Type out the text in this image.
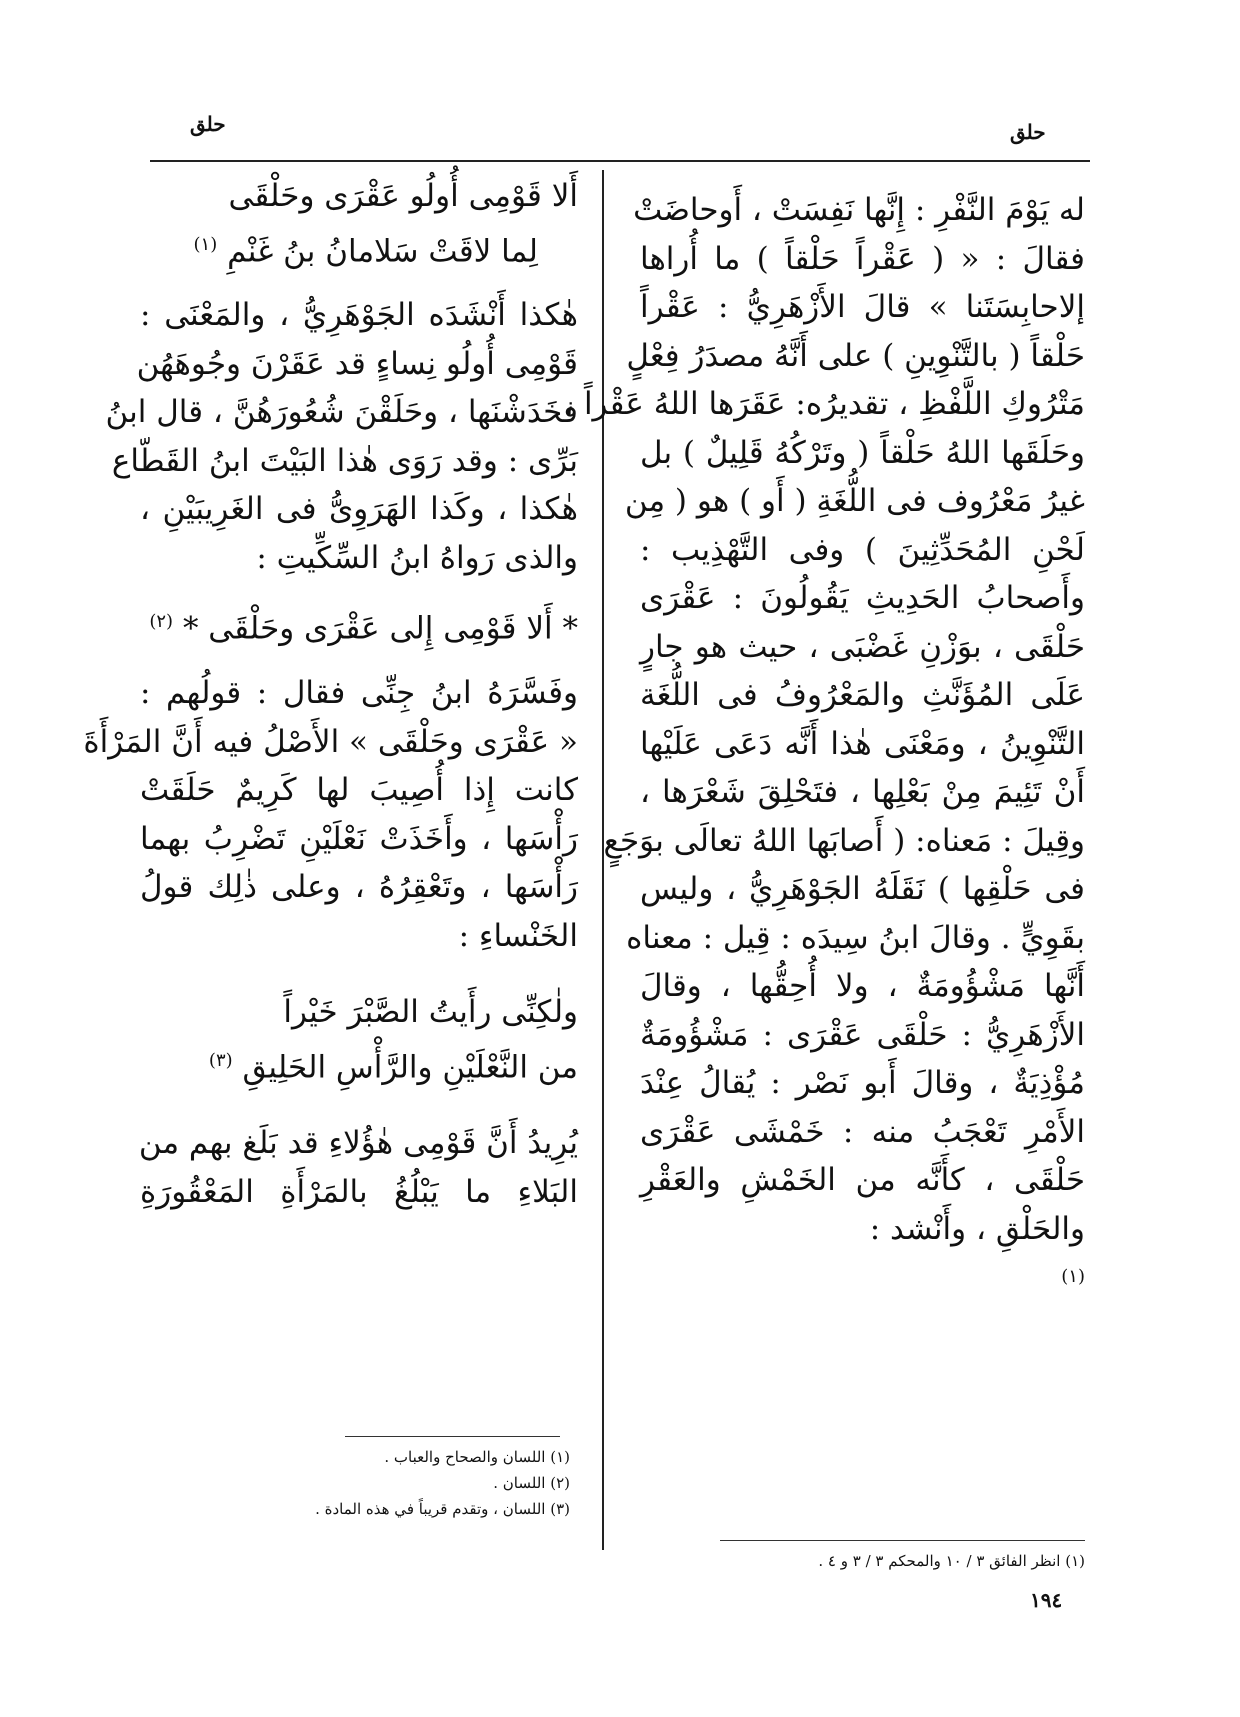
حلق	حلق
له يَوْمَ النَّفْرِ : إِنَّها نَفِسَتْ ، أَوحاضَتْ
فقالَ : « ( عَقْراً حَلْقاً ) ما أُراها
إلاحابِسَتَنا » قالَ الأَزْهَرِيُّ : عَقْراً
حَلْقاً ( بالتَّنْوِينِ ) على أَنَّهُ مصدَرُ فِعْلٍ
مَتْرُوكِ اللَّفْظِ ، تقديرُه: عَقَرَها اللهُ عَقْراً ،
وحَلَقَها اللهُ حَلْقاً ( وتَرْكُهُ قَلِيلٌ ) بل
غيرُ مَعْرُوف فى اللُّغَةِ ( أَو ) هو ( مِن
لَحْنِ المُحَدِّثِينَ ) وفى التَّهْذِيب :
وأَصحابُ الحَدِيثِ يَقُولُونَ : عَقْرَى
حَلْقَى ، بوَزْنِ غَضْبَى ، حيث هو جارٍ
عَلَى المُؤَنَّثِ والمَعْرُوفُ فى اللُّغَة
التَّنْوِينُ ، ومَعْنَى هٰذا أَنَّه دَعَى عَلَيْها
أَنْ تَئِيمَ مِنْ بَعْلِها ، فتَحْلِقَ شَعْرَها ،
وقِيلَ : مَعناه: ( أَصابَها اللهُ تعالَى بوَجَعٍ
فى حَلْقِها ) نَقَلَهُ الجَوْهَرِيُّ ، وليس
بقَوِيٍّ . وقالَ ابنُ سِيدَه : قِيل : معناه
أَنَّها مَشْؤُومَةٌ ، ولا أُحِقُّها ، وقالَ
الأَزْهَرِيُّ : حَلْقَى عَقْرَى : مَشْؤُومَةٌ
مُؤْذِيَةٌ ، وقالَ أَبو نَصْر : يُقالُ عِنْدَ
الأَمْرِ تَعْجَبُ منه : خَمْشَى عَقْرَى
حَلْقَى ، كأَنَّه من الخَمْشِ والعَقْرِ
والحَلْقِ ، وأَنْشد :
$^{(١)}$
أَلا قَوْمِى أُولُو عَقْرَى وحَلْقَى
لِما لاقَتْ سَلامانُ بنُ غَنْمِ $^{(١)}$
هٰكذا أَنْشَدَه الجَوْهَرِيُّ ، والمَعْنَى :
قَوْمِى أُولُو نِساءٍ قد عَقَرْنَ وجُوهَهُن
فخَدَشْنَها ، وحَلَقْنَ شُعُورَهُنَّ ، قال ابنُ
بَرِّى : وقد رَوَى هٰذا البَيْتَ ابنُ القَطّاع
هٰكذا ، وكَذا الهَرَوِىُّ فى الغَرِيبَيْنِ ،
والذى رَواهُ ابنُ السِّكِّيتِ :
* أَلا قَوْمِى إِلى عَقْرَى وحَلْقَى * $^{(٢)}$
وفَسَّرَهُ ابنُ جِنِّى فقال : قولُهم :
« عَقْرَى وحَلْقَى » الأَصْلُ فيه أَنَّ المَرْأَةَ
كانت إِذا أُصِيبَ لها كَرِيمٌ حَلَقَتْ
رَأْسَها ، وأَخَذَتْ نَعْلَيْنِ تَضْرِبُ بهما
رَأْسَها ، وتَعْقِرُهُ ، وعلى ذٰلِك قولُ
الخَنْساءِ :
ولٰكِنِّى رأَيتُ الصَّبْرَ خَيْراً
من النَّعْلَيْنِ والرَّأْسِ الحَلِيقِ $^{(٣)}$
يُرِيدُ أَنَّ قَوْمِى هٰؤُلاءِ قد بَلَغ بهم من
البَلاءِ ما يَبْلُغُ بالمَرْأَةِ المَعْقُورَةِ
(١) اللسان والصحاح والعباب .
(٢) اللسان .
(٣) اللسان ، وتقدم قريباً في هذه المادة .
(١) انظر الفائق ٣ / ١٠ والمحكم ٣ / ٣ و ٤ .
١٩٤
